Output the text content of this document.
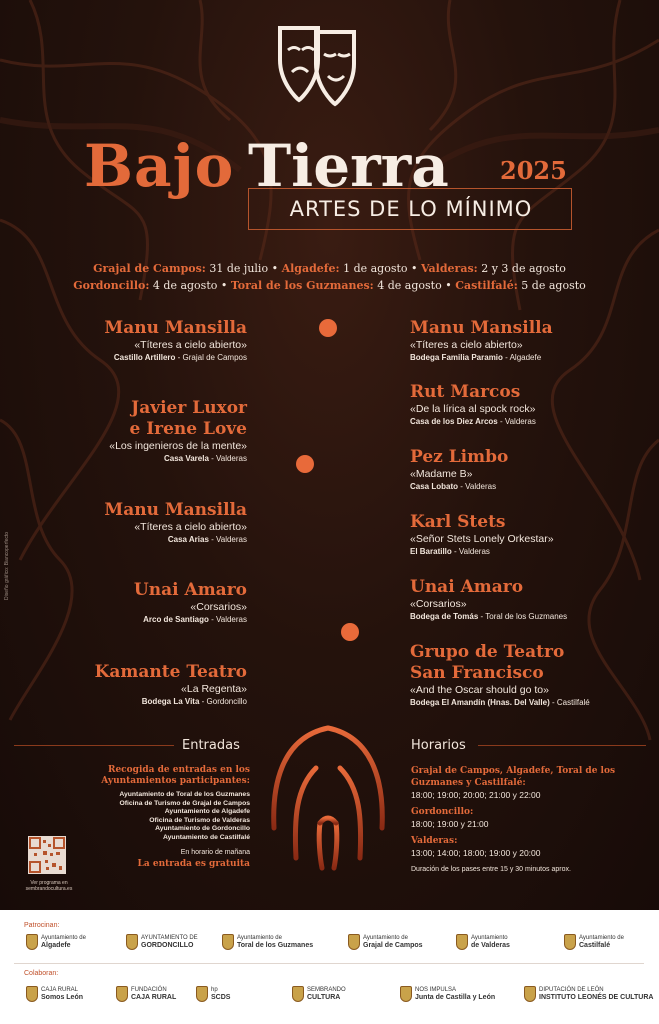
Bajo Tierra 2025
ARTES DE LO MÍNIMO
Grajal de Campos: 31 de julio • Algadefe: 1 de agosto • Valderas: 2 y 3 de agosto
Gordoncillo: 4 de agosto • Toral de los Guzmanes: 4 de agosto • Castilfalé: 5 de agosto
Manu Mansilla
«Títeres a cielo abierto»
Castillo Artillero - Grajal de Campos
Javier Luxor
e Irene Love
«Los ingenieros de la mente»
Casa Varela - Valderas
Manu Mansilla
«Títeres a cielo abierto»
Casa Arias - Valderas
Unai Amaro
«Corsarios»
Arco de Santiago - Valderas
Kamante Teatro
«La Regenta»
Bodega La Vita - Gordoncillo
Manu Mansilla
«Títeres a cielo abierto»
Bodega Familia Paramio - Algadefe
Rut Marcos
«De la lírica al spock rock»
Casa de los Diez Arcos - Valderas
Pez Limbo
«Madame B»
Casa Lobato - Valderas
Karl Stets
«Señor Stets Lonely Orkestar»
El Baratillo - Valderas
Unai Amaro
«Corsarios»
Bodega de Tomás - Toral de los Guzmanes
Grupo de Teatro
San Francisco
«And the Oscar should go to»
Bodega El Amandín (Hnas. Del Valle) - Castilfalé
Entradas	Horarios
Recogida de entradas en los Ayuntamientos participantes:
Ayuntamiento de Toral de los Guzmanes
Oficina de Turismo de Grajal de Campos
Ayuntamiento de Algadefe
Oficina de Turismo de Valderas
Ayuntamiento de Gordoncillo
Ayuntamiento de Castilfalé
En horario de mañana
La entrada es gratuita
Grajal de Campos, Algadefe, Toral de los Guzmanes y Castilfalé:
18:00; 19:00; 20:00; 21:00 y 22:00
Gordoncillo:
18:00; 19:00 y 21:00
Valderas:
13:00; 14:00; 18:00; 19:00 y 20:00
Duración de los pases entre 15 y 30 minutos aprox.
Ver programa en sembrandocultura.es
Diseño gráfico: Biancoperfecto
Patrocinan:
Ayuntamiento de
Algadefe
AYUNTAMIENTO DE
GORDONCILLO
Ayuntamiento de
Toral de los Guzmanes
Ayuntamiento de
Grajal de Campos
Ayuntamiento
de Valderas
Ayuntamiento de
Castilfalé
Colaboran:
CAJA RURAL
Somos León
FUNDACIÓN
CAJA RURAL
hp
SCDS
SEMBRANDO
CULTURA
NOS IMPULSA
Junta de Castilla y León
DIPUTACIÓN DE LEÓN
INSTITUTO LEONÉS DE CULTURA
